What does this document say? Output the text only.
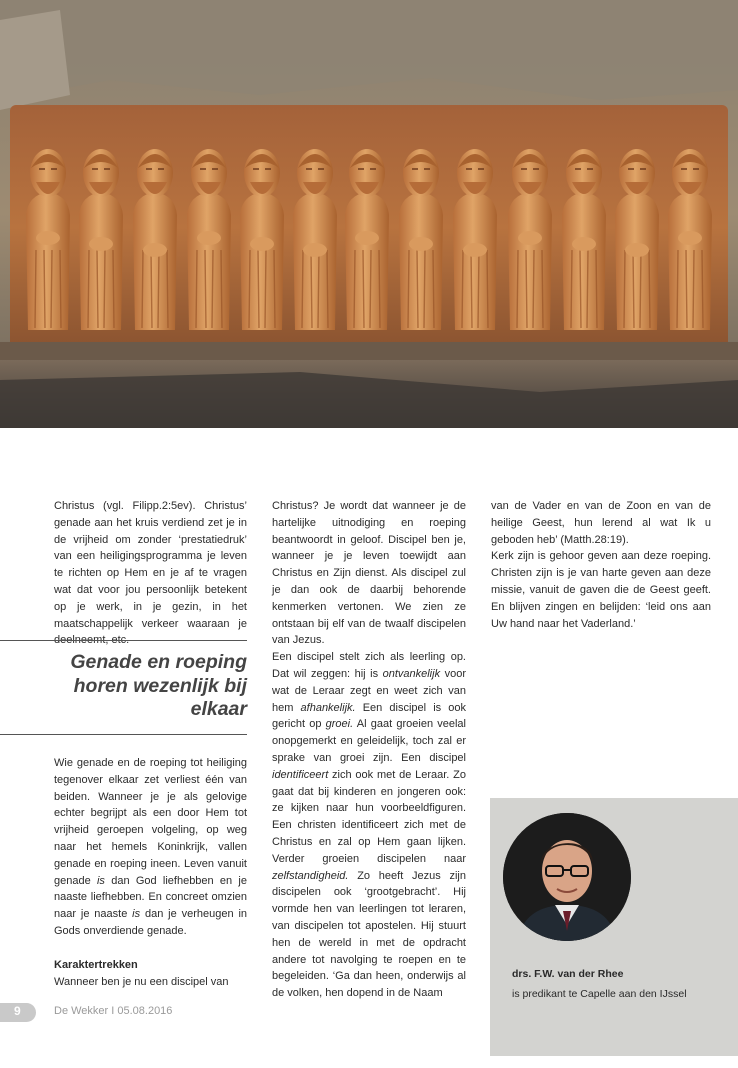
Christus (vgl. Filipp.2:5ev). Christus’ genade aan het kruis verdiend zet je in de vrijheid om zonder ‘prestatiedruk’ van een heiligingsprogramma je leven te richten op Hem en je af te vragen wat dat voor jou persoonlijk betekent op je werk, in je gezin, in het maatschappelijk verkeer waaraan je deelneemt, etc.

Genade en roeping
horen wezenlijk bij
elkaar

Wie genade en de roeping tot heiliging tegenover elkaar zet verliest één van beiden. Wanneer je je als gelovige echter begrijpt als een door Hem tot vrijheid geroepen volgeling, op weg naar het hemels Koninkrijk, vallen genade en roeping ineen. Leven vanuit genade is dan God liefhebben en je naaste liefhebben. En concreet omzien naar je naaste is dan je verheugen in Gods onverdiende genade.

Karaktertrekken

Wanneer ben je nu een discipel van

Christus? Je wordt dat wanneer je de hartelijke uitnodiging en roeping beantwoordt in geloof. Discipel ben je, wanneer je je leven toewijdt aan Christus en Zijn dienst. Als discipel zul je dan ook de daarbij behorende kenmerken vertonen. We zien ze ontstaan bij elf van de twaalf discipelen van Jezus.

Een discipel stelt zich als leerling op. Dat wil zeggen: hij is ontvankelijk voor wat de Leraar zegt en weet zich van hem afhankelijk. Een discipel is ook gericht op groei. Al gaat groeien veelal onopgemerkt en geleidelijk, toch zal er sprake van groei zijn. Een discipel identificeert zich ook met de Leraar. Zo gaat dat bij kinderen en jongeren ook: ze kijken naar hun voorbeeldfiguren. Een christen identificeert zich met de Christus en zal op Hem gaan lijken. Verder groeien discipelen naar zelfstandigheid. Zo heeft Jezus zijn discipelen ook ‘grootgebracht’. Hij vormde hen van leerlingen tot leraren, van discipelen tot apostelen. Hij stuurt hen de wereld in met de opdracht andere tot navolging te roepen en te begeleiden. ‘Ga dan heen, onderwijs al de volken, hen dopend in de Naam

van de Vader en van de Zoon en van de heilige Geest, hun lerend al wat Ik u geboden heb’ (Matth.28:19).

Kerk zijn is gehoor geven aan deze roeping. Christen zijn is je van harte geven aan deze missie, vanuit de gaven die de Geest geeft. En blijven zingen en belijden: ‘leid ons aan Uw hand naar het Vaderland.’

drs. F.W. van der Rhee
is predikant te Capelle aan den IJssel
9	De Wekker I 05.08.2016
